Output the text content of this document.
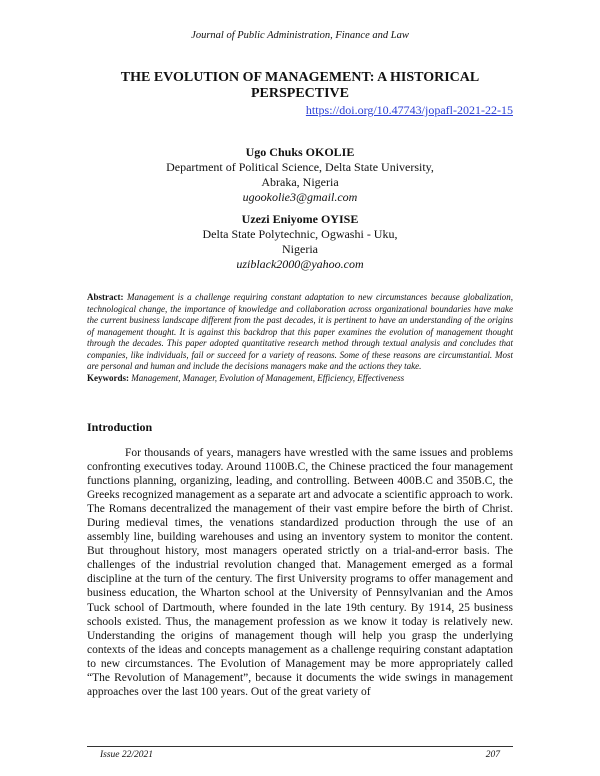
Journal of Public Administration, Finance and Law
THE EVOLUTION OF MANAGEMENT: A HISTORICAL PERSPECTIVE
https://doi.org/10.47743/jopafl-2021-22-15
Ugo Chuks OKOLIE
Department of Political Science, Delta State University,
Abraka, Nigeria
ugookolie3@gmail.com
Uzezi Eniyome OYISE
Delta State Polytechnic, Ogwashi - Uku,
Nigeria
uziblack2000@yahoo.com
Abstract: Management is a challenge requiring constant adaptation to new circumstances because globalization, technological change, the importance of knowledge and collaboration across organizational boundaries have make the current business landscape different from the past decades, it is pertinent to have an understanding of the origins of management thought. It is against this backdrop that this paper examines the evolution of management thought through the decades. This paper adopted quantitative research method through textual analysis and concludes that companies, like individuals, fail or succeed for a variety of reasons. Some of these reasons are circumstantial. Most are personal and human and include the decisions managers make and the actions they take.
Keywords: Management, Manager, Evolution of Management, Efficiency, Effectiveness
Introduction
For thousands of years, managers have wrestled with the same issues and problems confronting executives today. Around 1100B.C, the Chinese practiced the four management functions planning, organizing, leading, and controlling. Between 400B.C and 350B.C, the Greeks recognized management as a separate art and advocate a scientific approach to work. The Romans decentralized the management of their vast empire before the birth of Christ. During medieval times, the venations standardized production through the use of an assembly line, building warehouses and using an inventory system to monitor the content. But throughout history, most managers operated strictly on a trial-and-error basis. The challenges of the industrial revolution changed that. Management emerged as a formal discipline at the turn of the century. The first University programs to offer management and business education, the Wharton school at the University of Pennsylvanian and the Amos Tuck school of Dartmouth, where founded in the late 19th century. By 1914, 25 business schools existed. Thus, the management profession as we know it today is relatively new. Understanding the origins of management though will help you grasp the underlying contexts of the ideas and concepts management as a challenge requiring constant adaptation to new circumstances. The Evolution of Management may be more appropriately called “The Revolution of Management”, because it documents the wide swings in management approaches over the last 100 years. Out of the great variety of
Issue 22/2021	207
